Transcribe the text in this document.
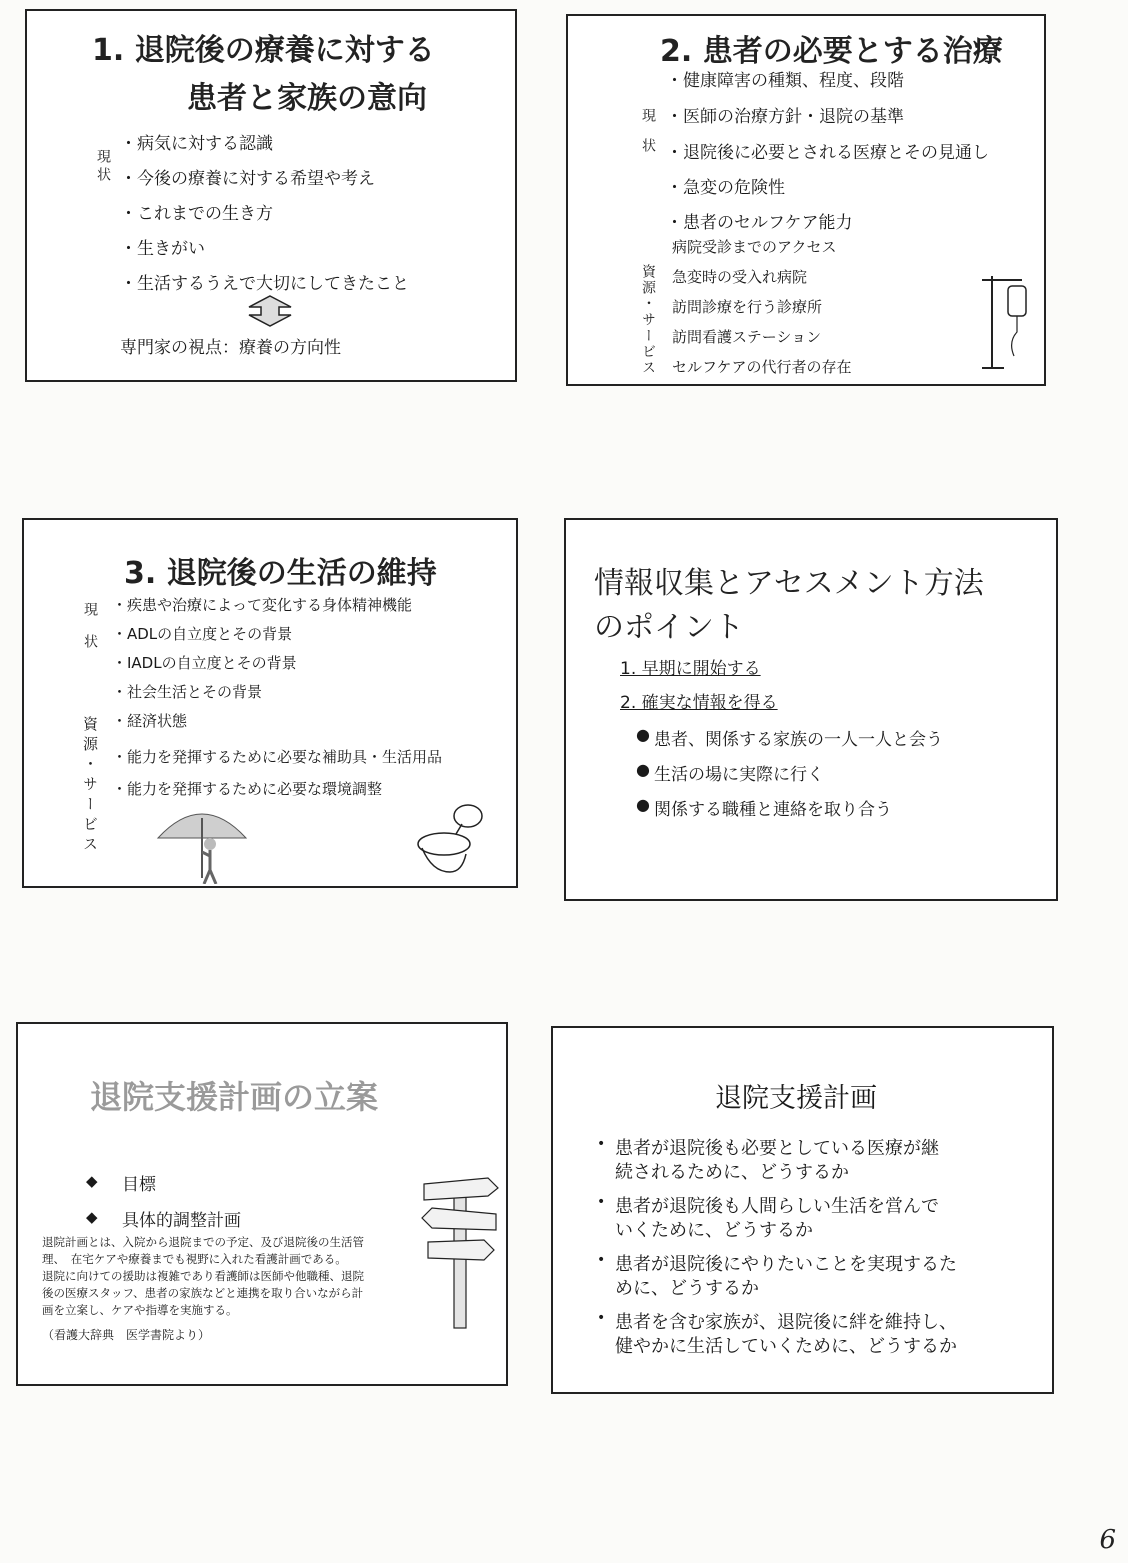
1. 退院後の療養に対する
患者と家族の意向
現状
・病気に対する認識
・今後の療養に対する希望や考え
・これまでの生き方
・生きがい
・生活するうえで大切にしてきたこと
専門家の視点：療養の方向性
2. 患者の必要とする治療
現状
資源・サービス
・健康障害の種類、程度、段階
・医師の治療方針・退院の基準
・退院後に必要とされる医療とその見通し
・急変の危険性
・患者のセルフケア能力
病院受診までのアクセス
急変時の受入れ病院
訪問診療を行う診療所
訪問看護ステーション
セルフケアの代行者の存在
3. 退院後の生活の維持
現状
資源・サービス
・疾患や治療によって変化する身体精神機能
・ADLの自立度とその背景
・IADLの自立度とその背景
・社会生活とその背景
・経済状態
・能力を発揮するために必要な補助具・生活用品
・能力を発揮するために必要な環境調整
情報収集とアセスメント方法
のポイント
1. 早期に開始する
2. 確実な情報を得る
● 患者、関係する家族の一人一人と会う
● 生活の場に実際に行く
● 関係する職種と連絡を取り合う
退院支援計画の立案
◆ 目標
◆ 具体的調整計画
退院計画とは、入院から退院までの予定、及び退院後の生活管
理、　在宅ケアや療養までも視野に入れた看護計画である。
退院に向けての援助は複雑であり看護師は医師や他職種、退院
後の医療スタッフ、患者の家族などと連携を取り合いながら計
画を立案し、ケアや指導を実施する。
（看護大辞典　医学書院より）
退院支援計画
• 患者が退院後も必要としている医療が継
続されるために、どうするか
• 患者が退院後も人間らしい生活を営んで
いくために、どうするか
• 患者が退院後にやりたいことを実現するた
めに、どうするか
• 患者を含む家族が、退院後に絆を維持し、
健やかに生活していくために、どうするか
6
